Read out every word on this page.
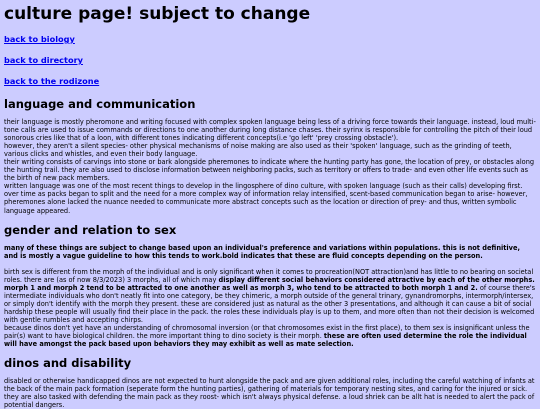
culture page! subject to change
back to biology
back to directory
back to the rodizone
language and communication

their language is mostly pheromone and writing focused with complex spoken language being less of a driving force towards their language. instead, loud multi-tone calls are used to issue commands or directions to one another during long distance chases. their syrinx is responsible for controlling the pitch of their loud sonorous cries like that of a loon, with different tones indicating different concepts(i.e 'go left' 'prey crossing obstacle').
however, they aren't a silent species- other physical mechanisms of noise making are also used as their 'spoken' language, such as the grinding of teeth, various clicks and whistles, and even their body language.
their writing consists of carvings into stone or bark alongside pheremones to indicate where the hunting party has gone, the location of prey, or obstacles along the hunting trail. they are also used to disclose information between neighboring packs, such as territory or offers to trade- and even other life events such as the birth of new pack members.
written language was one of the most recent things to develop in the lingosphere of dino culture, with spoken language (such as their calls) developing first. over time as packs began to split and the need for a more complex way of information relay intensified, scent-based communication began to arise- however, pheremones alone lacked the nuance needed to communicate more abstract concepts such as the location or direction of prey- and thus, written symbolic language appeared.

gender and relation to sex

many of these things are subject to change based upon an individual's preference and variations within populations. this is not definitive, and is mostly a vague guideline to how this tends to work.bold indicates that these are fluid concepts depending on the person.

birth sex is different from the morph of the individual and is only significant when it comes to procreation(NOT attraction)and has little to no bearing on societal roles. there are (as of now 8/3/2023) 3 morphs, all of which may display different social behaviors considered attractive by each of the other morphs. morph 1 and morph 2 tend to be attracted to one another as well as morph 3, who tend to be attracted to both morph 1 and 2. of course there's intermediate individuals who don't neatly fit into one category, be they chimeric, a morph outside of the general trinary, gynandromorphs, intermorph/intersex, or simply don't identify with the morph they present. these are considered just as natural as the other 3 presentations, and although it can cause a bit of social hardship these people will usually find their place in the pack. the roles these individuals play is up to them, and more often than not their decision is welcomed with gentle rumbles and accepting chirps.
because dinos don't yet have an understanding of chromosomal inversion (or that chromosomes exist in the first place), to them sex is insignificant unless the pair(s) want to have biological children. the more important thing to dino society is their morph. these are often used determine the role the individual will have amongst the pack based upon behaviors they may exhibit as well as mate selection.

dinos and disability

disabled or otherwise handicapped dinos are not expected to hunt alongside the pack and are given additional roles, including the careful watching of infants at the back of the main pack formation (seperate form the hunting parties), gathering of materials for temporary nesting sites, and caring for the injured or sick. they are also tasked with defending the main pack as they roost- which isn't always physical defense. a loud shriek can be allt hat is needed to alert the pack of potential dangers.
